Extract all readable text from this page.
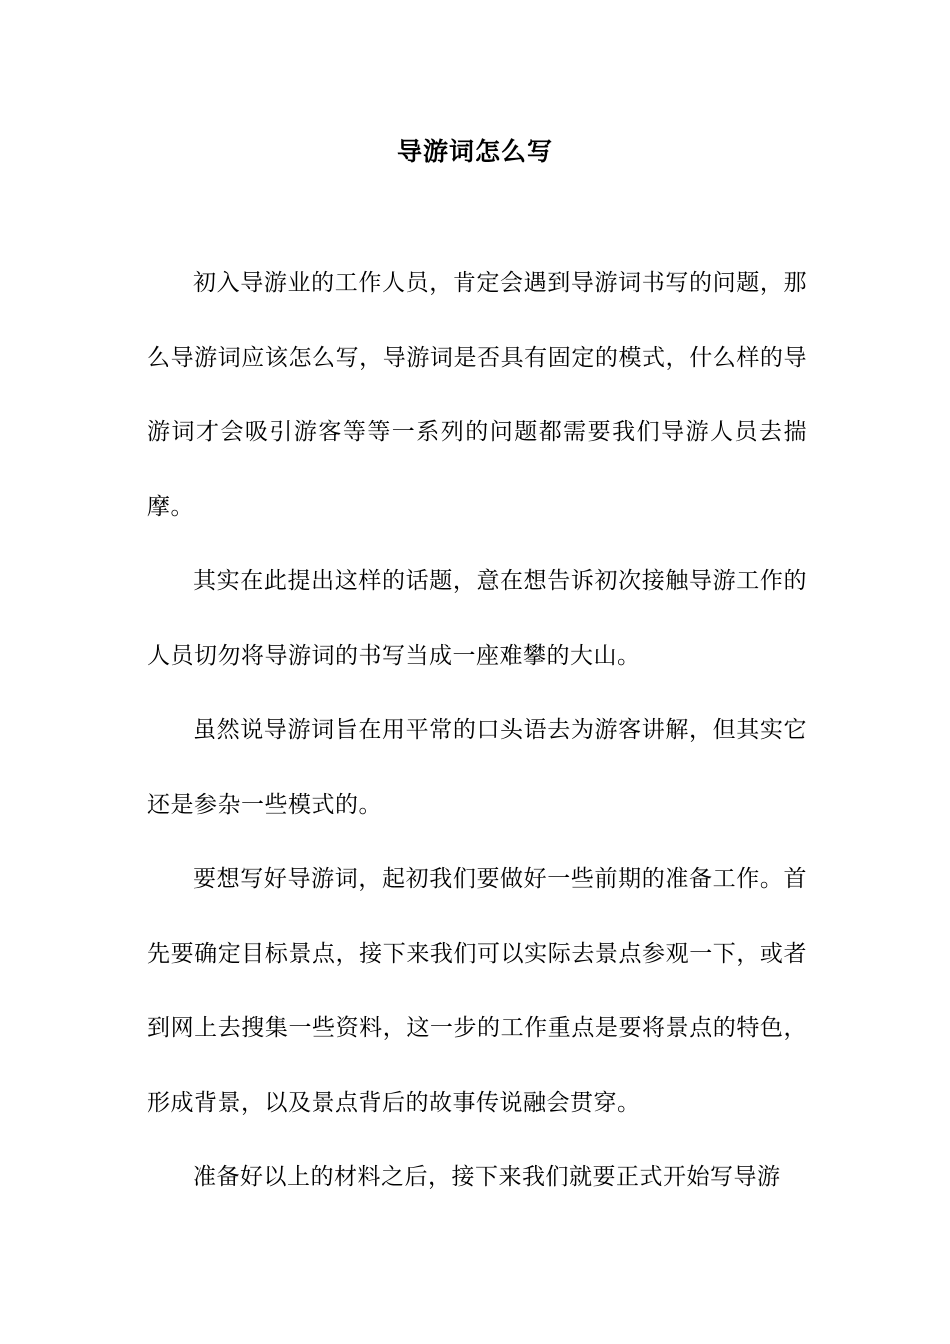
导游词怎么写

初入导游业的工作人员，肯定会遇到导游词书写的问题，那么导游词应该怎么写，导游词是否具有固定的模式，什么样的导游词才会吸引游客等等一系列的问题都需要我们导游人员去揣摩。

其实在此提出这样的话题，意在想告诉初次接触导游工作的人员切勿将导游词的书写当成一座难攀的大山。

虽然说导游词旨在用平常的口头语去为游客讲解，但其实它还是参杂一些模式的。

要想写好导游词，起初我们要做好一些前期的准备工作。首先要确定目标景点，接下来我们可以实际去景点参观一下，或者到网上去搜集一些资料，这一步的工作重点是要将景点的特色，形成背景，以及景点背后的故事传说融会贯穿。

准备好以上的材料之后，接下来我们就要正式开始写导游
